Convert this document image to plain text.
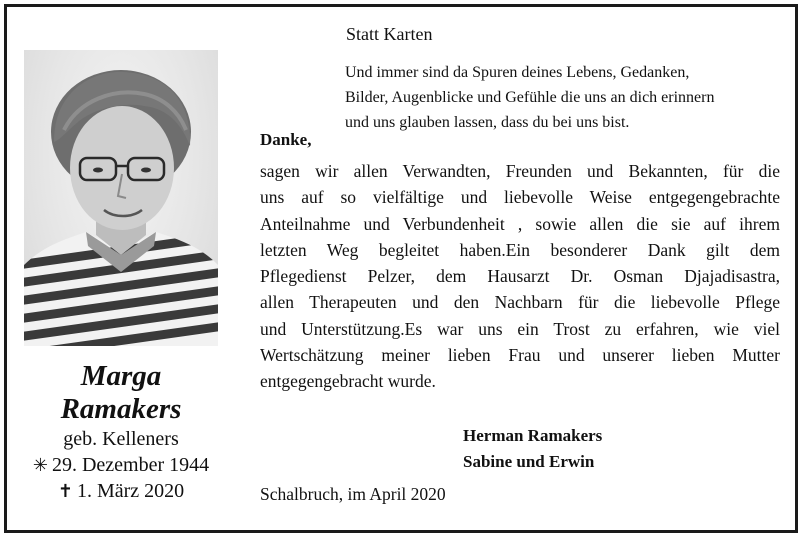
Marga
Ramakers
geb. Kelleners
✳ 29. Dezember 1944
✝ 1. März 2020
Statt Karten
Und immer sind da Spuren deines Lebens, Gedanken,
Bilder, Augenblicke und Gefühle die uns an dich erinnern
und uns glauben lassen, dass du bei uns bist.
Danke,
sagen wir allen Verwandten, Freunden und Bekannten, für die
uns auf so vielfältige und liebevolle Weise entgegengebrachte
Anteilnahme und Verbundenheit , sowie allen die sie auf ihrem
letzten Weg begleitet haben.Ein besonderer Dank gilt dem
Pflegedienst Pelzer, dem Hausarzt Dr. Osman Djajadisastra,
allen Therapeuten und den Nachbarn für die liebevolle Pflege
und Unterstützung.Es war uns ein Trost zu erfahren, wie viel
Wertschätzung meiner lieben Frau und unserer lieben Mutter
entgegengebracht wurde.
Herman Ramakers
Sabine und Erwin
Schalbruch, im April 2020
